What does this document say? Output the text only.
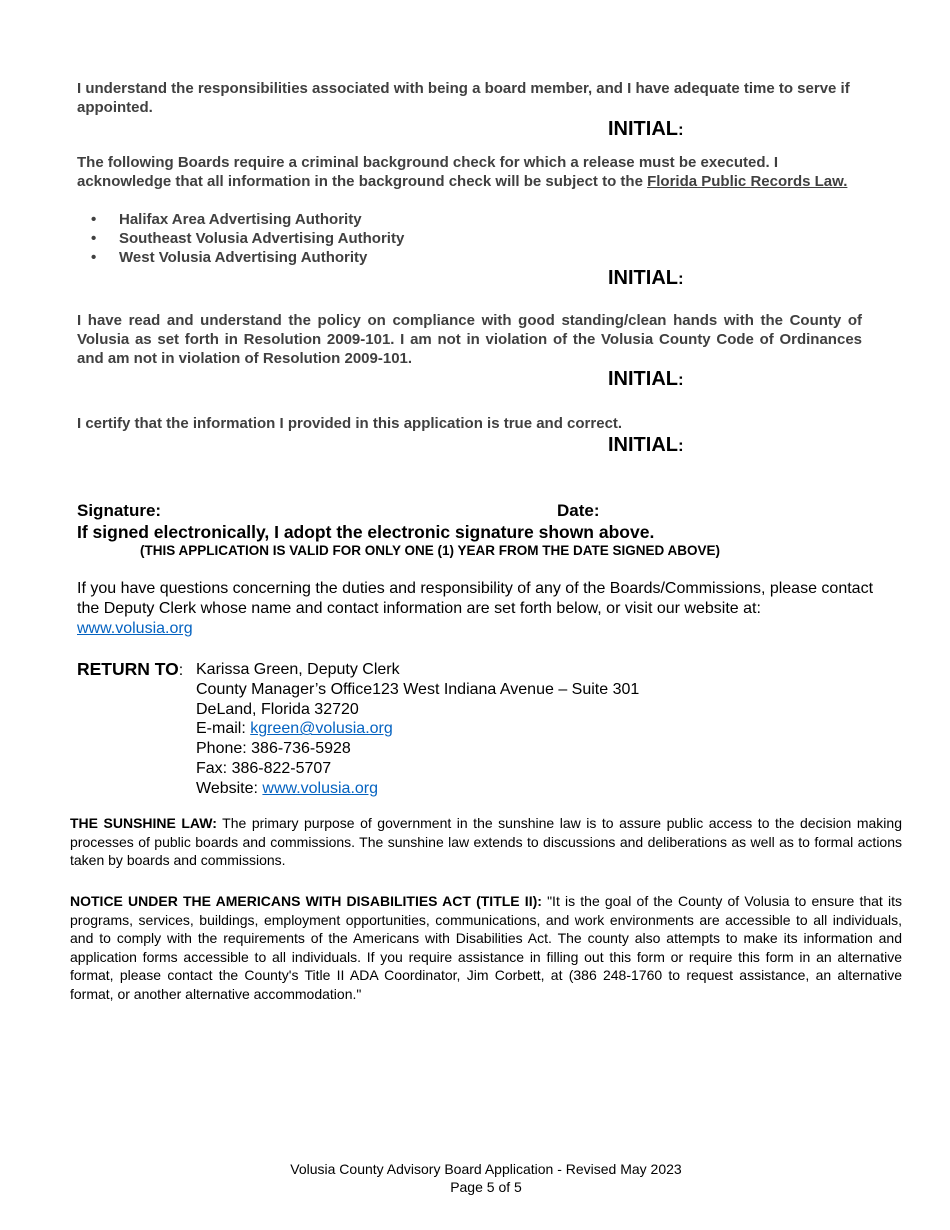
I understand the responsibilities associated with being a board member, and I have adequate time to serve if appointed.
INITIAL:
The following Boards require a criminal background check for which a release must be executed. I acknowledge that all information in the background check will be subject to the Florida Public Records Law.
• Halifax Area Advertising Authority
• Southeast Volusia Advertising Authority
• West Volusia Advertising Authority
INITIAL:
I have read and understand the policy on compliance with good standing/clean hands with the County of Volusia as set forth in Resolution 2009-101. I am not in violation of the Volusia County Code of Ordinances and am not in violation of Resolution 2009-101.
INITIAL:
I certify that the information I provided in this application is true and correct.
INITIAL:
Signature:	Date:
If signed electronically, I adopt the electronic signature shown above.
(THIS APPLICATION IS VALID FOR ONLY ONE (1) YEAR FROM THE DATE SIGNED ABOVE)
If you have questions concerning the duties and responsibility of any of the Boards/Commissions, please contact the Deputy Clerk whose name and contact information are set forth below, or visit our website at: www.volusia.org
RETURN TO: Karissa Green, Deputy Clerk
County Manager’s Office123 West Indiana Avenue – Suite 301
DeLand, Florida 32720
E-mail: kgreen@volusia.org
Phone: 386-736-5928
Fax: 386-822-5707
Website: www.volusia.org
THE SUNSHINE LAW: The primary purpose of government in the sunshine law is to assure public access to the decision making processes of public boards and commissions. The sunshine law extends to discussions and deliberations as well as to formal actions taken by boards and commissions.
NOTICE UNDER THE AMERICANS WITH DISABILITIES ACT (TITLE II): "It is the goal of the County of Volusia to ensure that its programs, services, buildings, employment opportunities, communications, and work environments are accessible to all individuals, and to comply with the requirements of the Americans with Disabilities Act. The county also attempts to make its information and application forms accessible to all individuals. If you require assistance in filling out this form or require this form in an alternative format, please contact the County's Title II ADA Coordinator, Jim Corbett, at (386 248-1760 to request assistance, an alternative format, or another alternative accommodation."
Volusia County Advisory Board Application - Revised May 2023
Page 5 of 5
